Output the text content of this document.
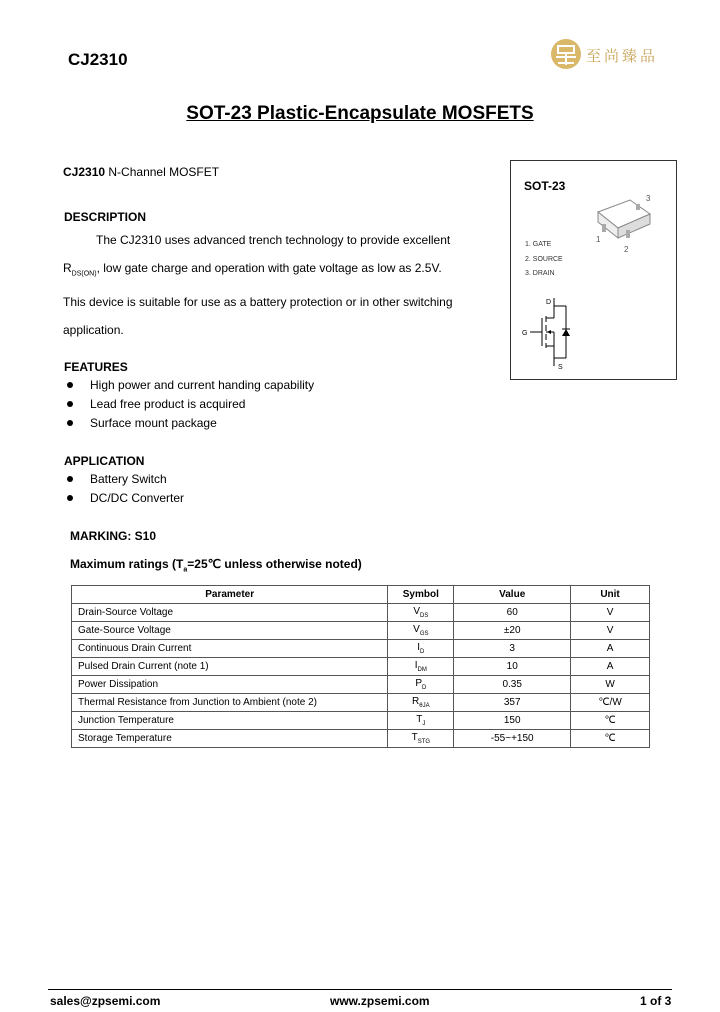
CJ2310	至尚臻品
SOT-23 Plastic-Encapsulate MOSFETS
CJ2310 N-Channel MOSFET
DESCRIPTION
The CJ2310 uses advanced trench technology to provide excellent
$R_{DS(ON)}$, low gate charge and operation with gate voltage as low as 2.5V.
This device is suitable for use as a battery protection or in other switching
application.
SOT-23
3
1
2
1. GATE
2. SOURCE
3. DRAIN
D
G
S
FEATURES
High power and current handing capability
Lead free product is acquired
Surface mount package
APPLICATION
Battery Switch
DC/DC Converter
MARKING: S10
Maximum ratings ($T_a=25℃$ unless otherwise noted)
Parameter	Symbol	Value	Unit
Drain-Source Voltage	$V_{DS}$	60	V
Gate-Source Voltage	$V_{GS}$	±20	V
Continuous Drain Current	$I_D$	3	A
Pulsed Drain Current (note 1)	$I_{DM}$	10	A
Power Dissipation	$P_D$	0.35	W
Thermal Resistance from Junction to Ambient (note 2)	$R_{\theta JA}$	357	℃/W
Junction Temperature	$T_J$	150	℃
Storage Temperature	$T_{STG}$	-55~+150	℃
sales@zpsemi.com	www.zpsemi.com	1 of 3
